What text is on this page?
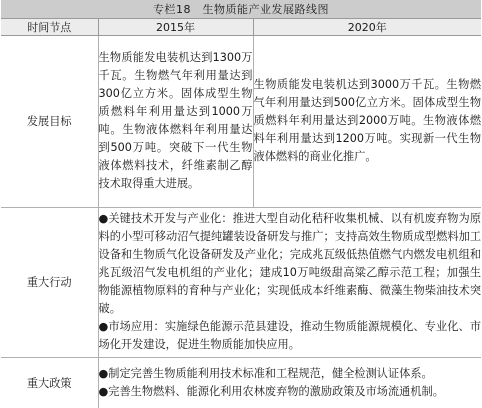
专栏18　生物质能产业发展路线图		
时间节点	2015年	2020年
发展目标	生物质能发电装机达到1300万千瓦。生物燃气年利用量达到300亿立方米。固体成型生物质燃料年利用量达到1000万吨。生物液体燃料年利用量达到500万吨。突破下一代生物液体燃料技术，纤维素制乙醇技术取得重大进展。	生物质能发电装机达到3000万千瓦。生物燃气年利用量达到500亿立方米。固体成型生物质燃料年利用量达到2000万吨。生物液体燃料年利用量达到1200万吨。实现新一代生物液体燃料的商业化推广。

重大行动	●关键技术开发与产业化：推进大型自动化秸秆收集机械、以有机废弃物为原料的小型可移动沼气提纯罐装设备研发与推广；支持高效生物质成型燃料加工设备和生物质气化设备研发及产业化；完成兆瓦级低热值燃气内燃发电机组和兆瓦级沼气发电机组的产业化；建成10万吨级甜高粱乙醇示范工程；加强生物能源植物原料的育种与产业化；实现低成本纤维素酶、微藻生物柴油技术突破。
●市场应用：实施绿色能源示范县建设，推动生物质能源规模化、专业化、市场化开发建设，促进生物质能加快应用。	

重大政策	●制定完善生物质能利用技术标准和工程规范，健全检测认证体系。
●完善生物燃料、能源化利用农林废弃物的激励政策及市场流通机制。	
